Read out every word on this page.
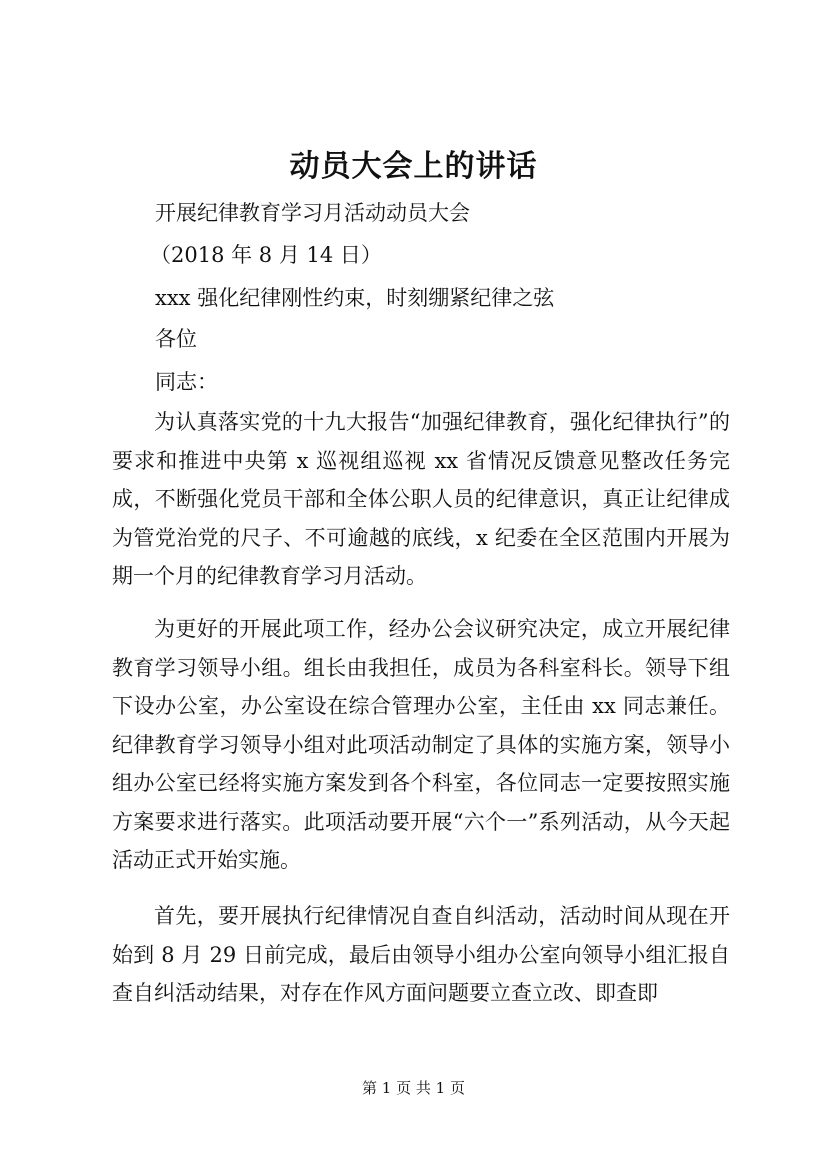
动员大会上的讲话
开展纪律教育学习月活动动员大会
（2018 年 8 月 14 日）
xxx 强化纪律刚性约束，时刻绷紧纪律之弦
各位
同志：

为认真落实党的十九大报告“加强纪律教育，强化纪律执行”的要求和推进中央第 x 巡视组巡视 xx 省情况反馈意见整改任务完成，不断强化党员干部和全体公职人员的纪律意识，真正让纪律成为管党治党的尺子、不可逾越的底线，x 纪委在全区范围内开展为期一个月的纪律教育学习月活动。

为更好的开展此项工作，经办公会议研究决定，成立开展纪律教育学习领导小组。组长由我担任，成员为各科室科长。领导下组下设办公室，办公室设在综合管理办公室，主任由 xx 同志兼任。纪律教育学习领导小组对此项活动制定了具体的实施方案，领导小组办公室已经将实施方案发到各个科室，各位同志一定要按照实施方案要求进行落实。此项活动要开展“六个一”系列活动，从今天起活动正式开始实施。

首先，要开展执行纪律情况自查自纠活动，活动时间从现在开始到 8 月 29 日前完成，最后由领导小组办公室向领导小组汇报自查自纠活动结果，对存在作风方面问题要立查立改、即查即

第 1 页 共 1 页
